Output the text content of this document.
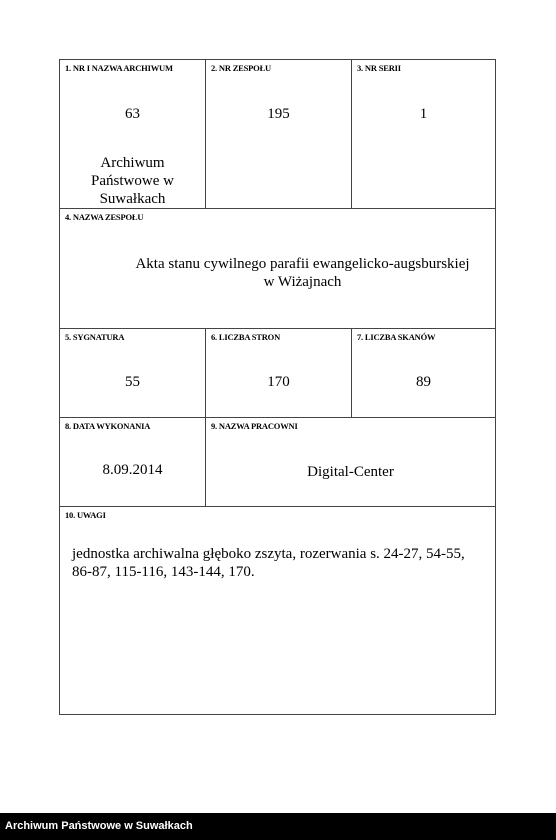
1. NR I NAZWA ARCHIWUM
63
Archiwum Państwowe w Suwałkach
2. NR ZESPOŁU
195
3. NR SERII
1
4. NAZWA ZESPOŁU
Akta stanu cywilnego parafii ewangelicko-augsburskiej w Wiżajnach
5. SYGNATURA
55
6. LICZBA STRON
170
7. LICZBA SKANÓW
89
8. DATA WYKONANIA
8.09.2014
9. NAZWA PRACOWNI
Digital-Center
10. UWAGI
jednostka archiwalna głęboko zszyta, rozerwania s. 24-27, 54-55, 86-87, 115-116, 143-144, 170.
Archiwum Państwowe w Suwałkach
